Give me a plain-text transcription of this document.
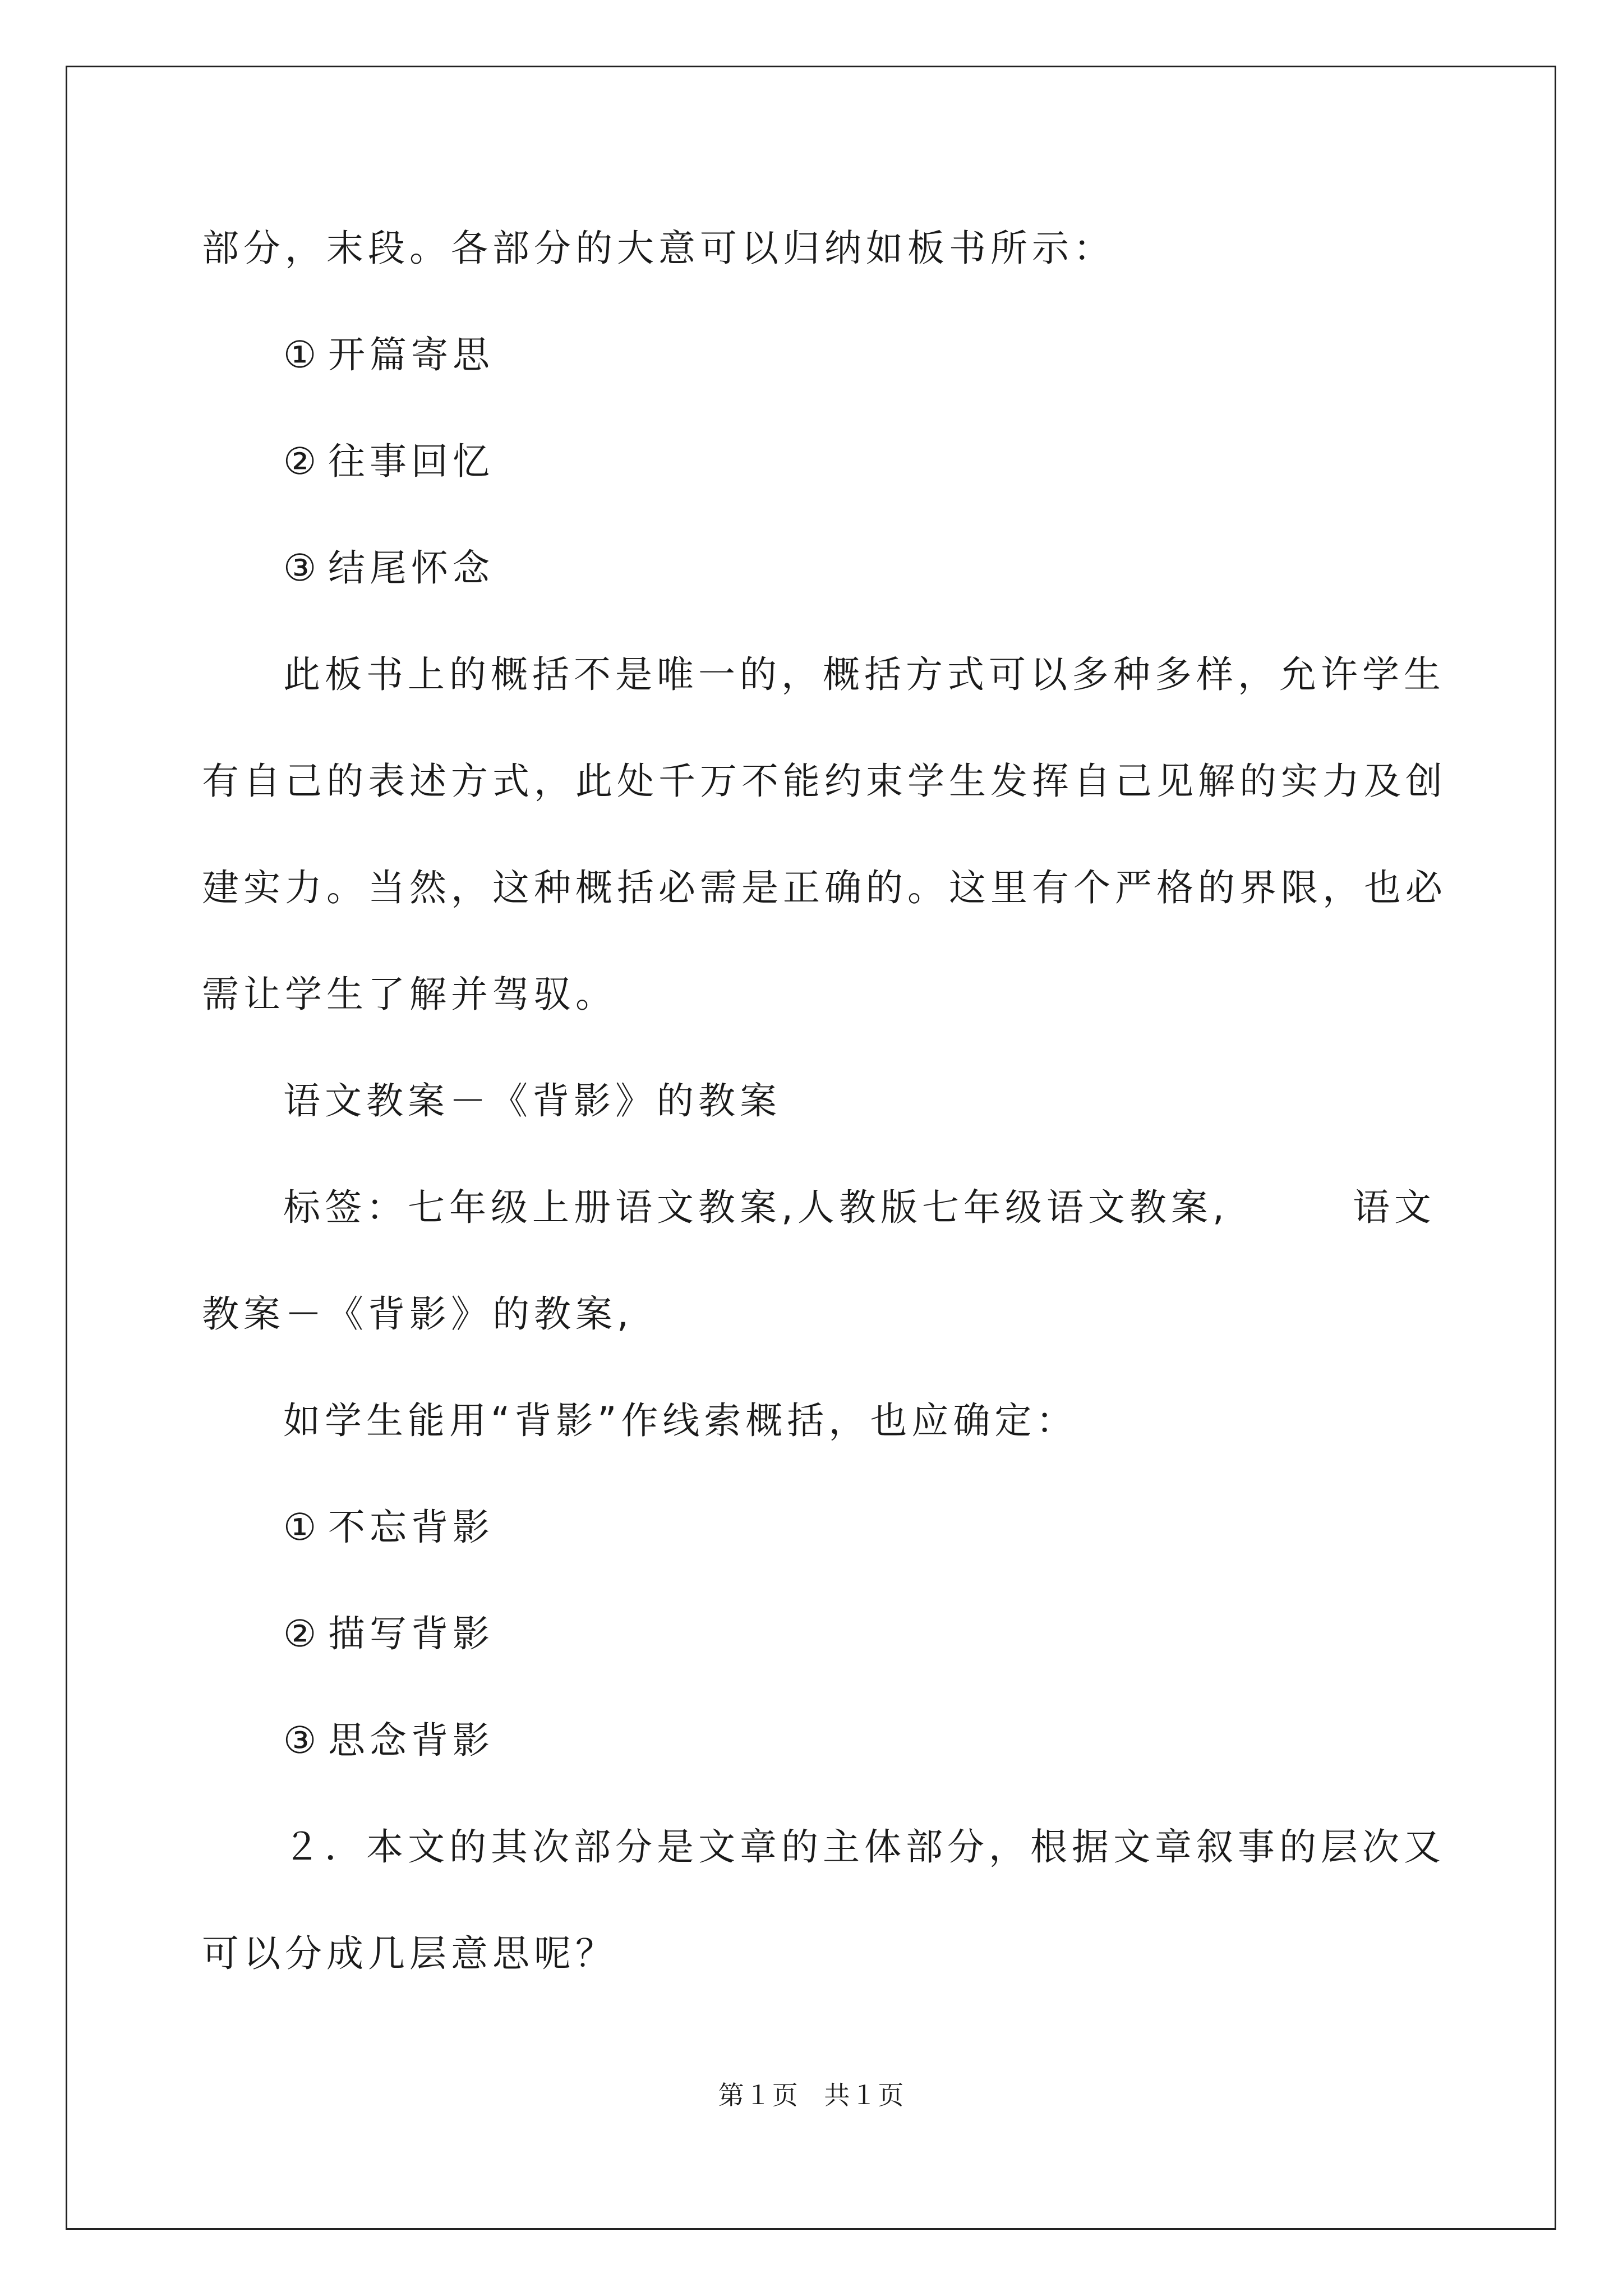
部分，末段。各部分的大意可以归纳如板书所示：
① 开篇寄思
② 往事回忆
③ 结尾怀念
此板书上的概括不是唯一的，概括方式可以多种多样，允许学生
有自己的表述方式，此处千万不能约束学生发挥自己见解的实力及创
建实力。当然，这种概括必需是正确的。这里有个严格的界限，也必
需让学生了解并驾驭。
语文教案－《背影》的教案
标签：七年级上册语文教案,人教版七年级语文教案,	语文
教案－《背影》的教案,
如学生能用“背影”作线索概括，也应确定：
① 不忘背影
② 描写背影
③ 思念背影
２．本文的其次部分是文章的主体部分，根据文章叙事的层次又
可以分成几层意思呢？
第１页 共１页
